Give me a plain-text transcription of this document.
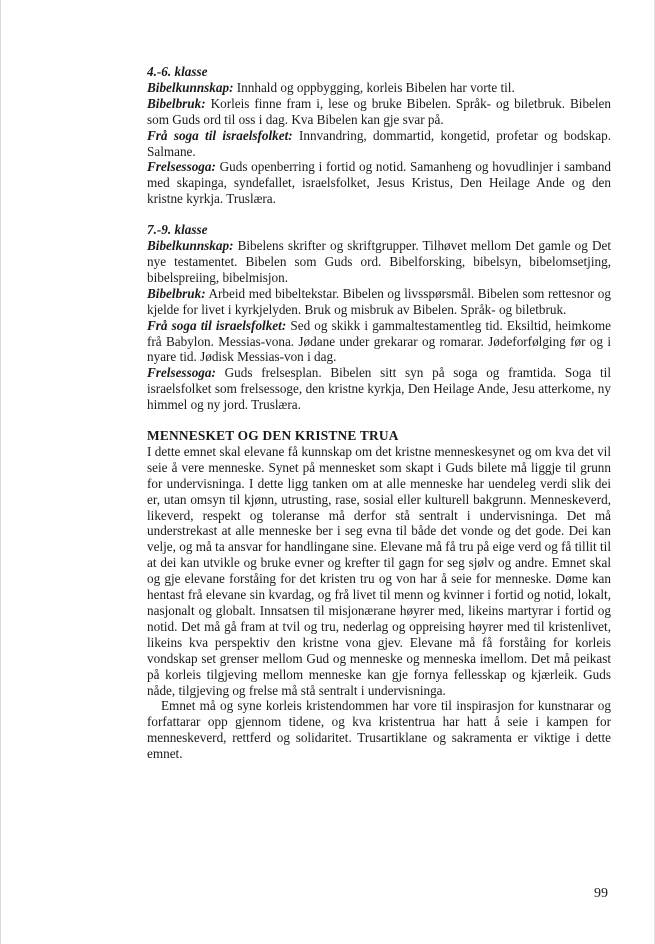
4.-6. klasse

Bibelkunnskap: Innhald og oppbygging, korleis Bibelen har vorte til.

Bibelbruk: Korleis finne fram i, lese og bruke Bibelen. Språk- og biletbruk. Bibelen som Guds ord til oss i dag. Kva Bibelen kan gje svar på.

Frå soga til israelsfolket: Innvandring, dommartid, kongetid, profetar og bodskap. Salmane.

Frelsessoga: Guds openberring i fortid og notid. Samanheng og hovudlinjer i samband med skapinga, syndefallet, israelsfolket, Jesus Kristus, Den Heilage Ande og den kristne kyrkja. Truslæra.

7.-9. klasse

Bibelkunnskap: Bibelens skrifter og skriftgrupper. Tilhøvet mellom Det gamle og Det nye testamentet. Bibelen som Guds ord. Bibelforsking, bibelsyn, bibelomsetjing, bibelspreiing, bibelmisjon.

Bibelbruk: Arbeid med bibeltekstar. Bibelen og livsspørsmål. Bibelen som rettesnor og kjelde for livet i kyrkjelyden. Bruk og misbruk av Bibelen. Språk- og biletbruk.

Frå soga til israelsfolket: Sed og skikk i gammaltestamentleg tid. Eksiltid, heimkome frå Babylon. Messias-vona. Jødane under grekarar og romarar. Jødeforfølging før og i nyare tid. Jødisk Messias-von i dag.

Frelsessoga: Guds frelsesplan. Bibelen sitt syn på soga og framtida. Soga til israelsfolket som frelsessoge, den kristne kyrkja, Den Heilage Ande, Jesu atterkome, ny himmel og ny jord. Truslæra.

MENNESKET OG DEN KRISTNE TRUA

I dette emnet skal elevane få kunnskap om det kristne menneskesynet og om kva det vil seie å vere menneske. Synet på mennesket som skapt i Guds bilete må liggje til grunn for undervisninga. I dette ligg tanken om at alle menneske har uendeleg verdi slik dei er, utan omsyn til kjønn, utrusting, rase, sosial eller kulturell bakgrunn. Menneskeverd, likeverd, respekt og toleranse må derfor stå sentralt i undervisninga. Det må understrekast at alle menneske ber i seg evna til både det vonde og det gode. Dei kan velje, og må ta ansvar for handlingane sine. Elevane må få tru på eige verd og få tillit til at dei kan utvikle og bruke evner og krefter til gagn for seg sjølv og andre. Emnet skal og gje elevane forståing for det kristen tru og von har å seie for menneske. Døme kan hentast frå elevane sin kvardag, og frå livet til menn og kvinner i fortid og notid, lokalt, nasjonalt og globalt. Innsatsen til misjonærane høyrer med, likeins martyrar i fortid og notid. Det må gå fram at tvil og tru, nederlag og oppreising høyrer med til kristenlivet, likeins kva perspektiv den kristne vona gjev. Elevane må få forståing for korleis vondskap set grenser mellom Gud og menneske og menneska imellom. Det må peikast på korleis tilgjeving mellom menneske kan gje fornya fellesskap og kjærleik. Guds nåde, tilgjeving og frelse må stå sentralt i undervisninga.

Emnet må og syne korleis kristendommen har vore til inspirasjon for kunstnarar og forfattarar opp gjennom tidene, og kva kristentrua har hatt å seie i kampen for menneskeverd, rettferd og solidaritet. Trusartiklane og sakramenta er viktige i dette emnet.

99
